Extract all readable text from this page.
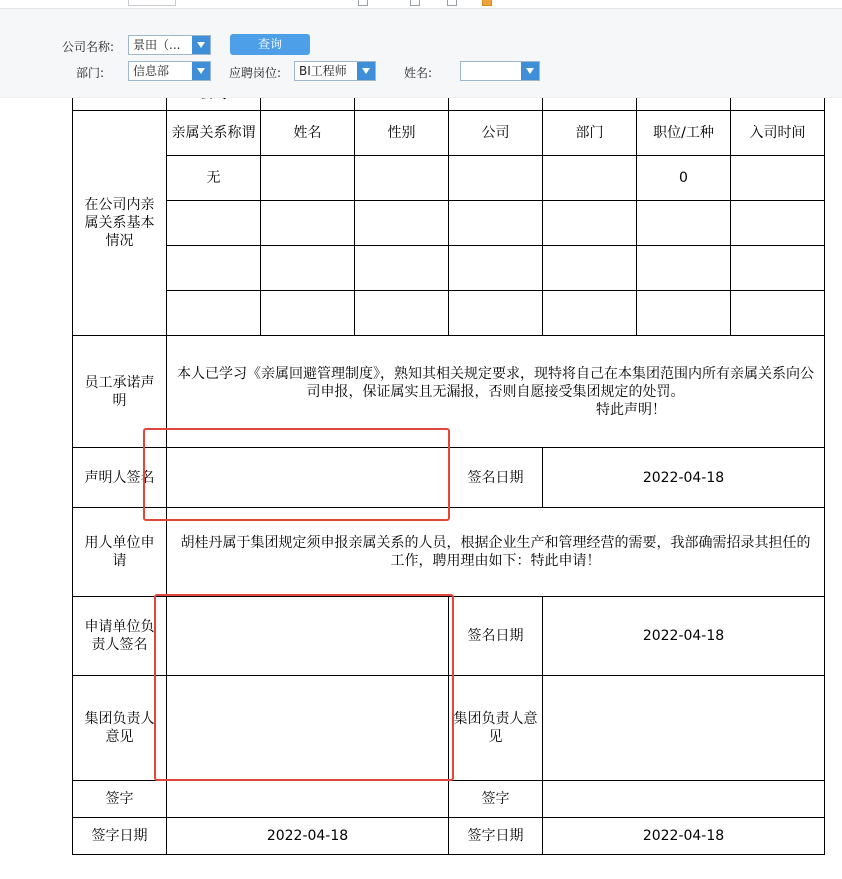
在公司内亲属关系基本情况	亲属关系称谓	姓名	性别	公司	部门	职位/工种	入司时间
	无					0	

员工承诺声明	本人已学习《亲属回避管理制度》，熟知其相关规定要求，现特将自己在本集团范围内所有亲属关系向公司申报，保证属实且无漏报，否则自愿接受集团规定的处罚。
特此声明！						

声明人签名				签名日期	2022-04-18		
用人单位申请	胡桂丹属于集团规定须申报亲属关系的人员，根据企业生产和管理经营的需要，我部确需招录其担任的工作，聘用理由如下：特此申请！						
申请单位负责人签名				签名日期	2022-04-18		
集团负责人意见				集团负责人意见			
签字				签字			
签字日期	2022-04-18			签字日期	2022-04-18		
公司名称: 景田（...	查询
部门: 信息部	应聘岗位: BI工程师	姓名:
